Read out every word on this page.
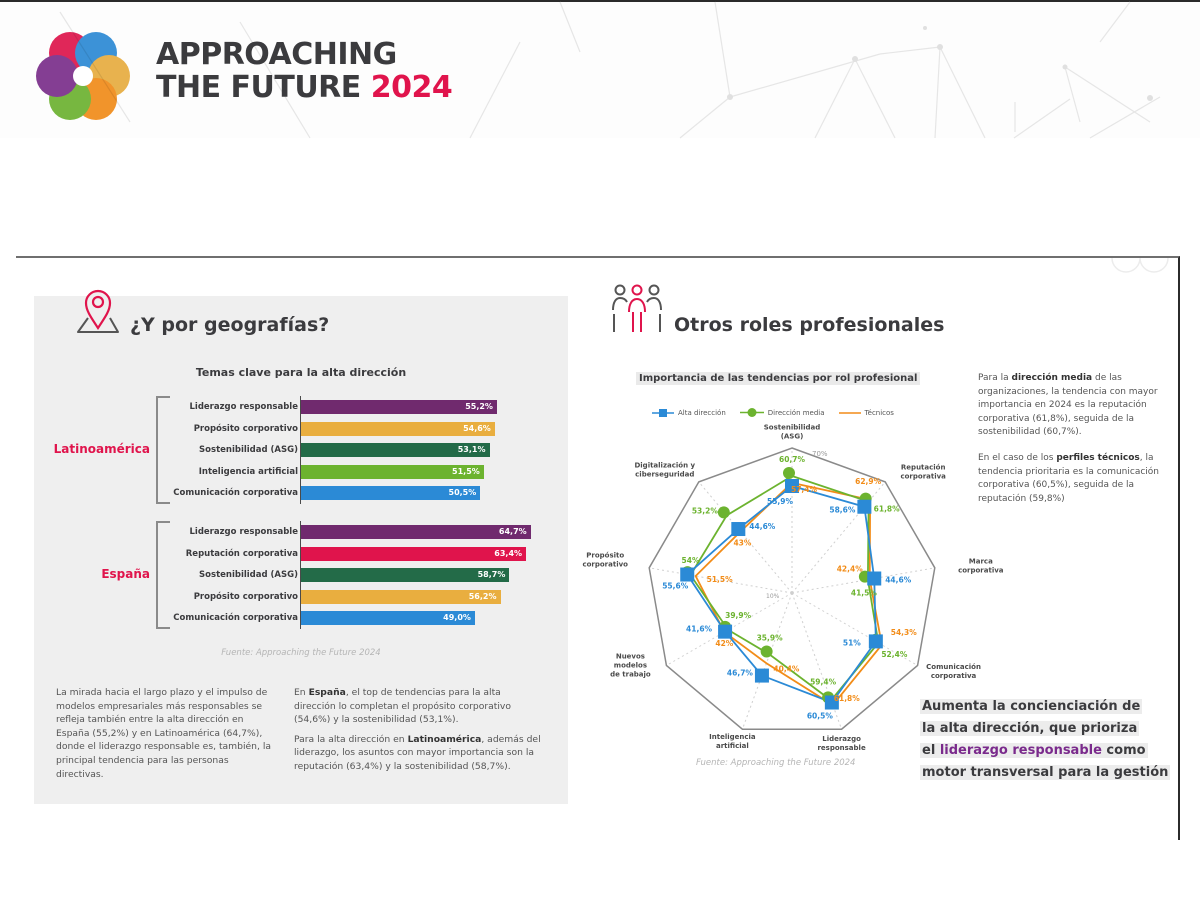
APPROACHING
THE FUTURE 2024
¿Y por geografías?
Temas clave para la alta dirección
Latinoamérica
Liderazgo responsable	55,2%
Propósito corporativo	54,6%
Sostenibilidad (ASG)	53,1%
Inteligencia artificial	51,5%
Comunicación corporativa	50,5%
España
Liderazgo responsable	64,7%
Reputación corporativa	63,4%
Sostenibilidad (ASG)	58,7%
Propósito corporativo	56,2%
Comunicación corporativa	49,0%
Fuente: Approaching the Future 2024

La mirada hacia el largo plazo y el impulso de modelos empresariales más responsables se refleja también entre la alta dirección en España (55,2%) y en Latinoamérica (64,7%), donde el liderazgo responsable es, también, la principal tendencia para las personas directivas.

En España, el top de tendencias para la alta dirección lo completan el propósito corporativo (54,6%) y la sostenibilidad (53,1%).

Para la alta dirección en Latinoamérica, además del liderazgo, los asuntos con mayor importancia son la reputación (63,4%) y la sostenibilidad (58,7%).

Otros roles profesionales
Importancia de las tendencias por rol profesional
Alta dirección	Dirección media	Técnicos
10%
70%
Sostenibilidad (ASG)
Reputación corporativa
Marca corporativa
Comunicación corporativa
Liderazgo responsable
Inteligencia artificial
Nuevos modelos de trabajo
Propósito corporativo
Digitalización y ciberseguridad
55,9%
58,6%
44,6%
51%
60,5%
46,7%
41,6%
55,6%
44,6%
60,7%
61,8%
41,5%
52,4%
59,4%
35,9%
39,9%
54%
53,2%
57,4%
62,9%
42,4%
54,3%
61,8%
40,4%
42%
51,5%
43%
Fuente: Approaching the Future 2024

Para la dirección media de las organizaciones, la tendencia con mayor importancia en 2024 es la reputación corporativa (61,8%), seguida de la sostenibilidad (60,7%).

En el caso de los perfiles técnicos, la tendencia prioritaria es la comunicación corporativa (60,5%), seguida de la reputación (59,8%)

Aumenta la concienciación de
la alta dirección, que prioriza
el liderazgo responsable como
motor transversal para la gestión
